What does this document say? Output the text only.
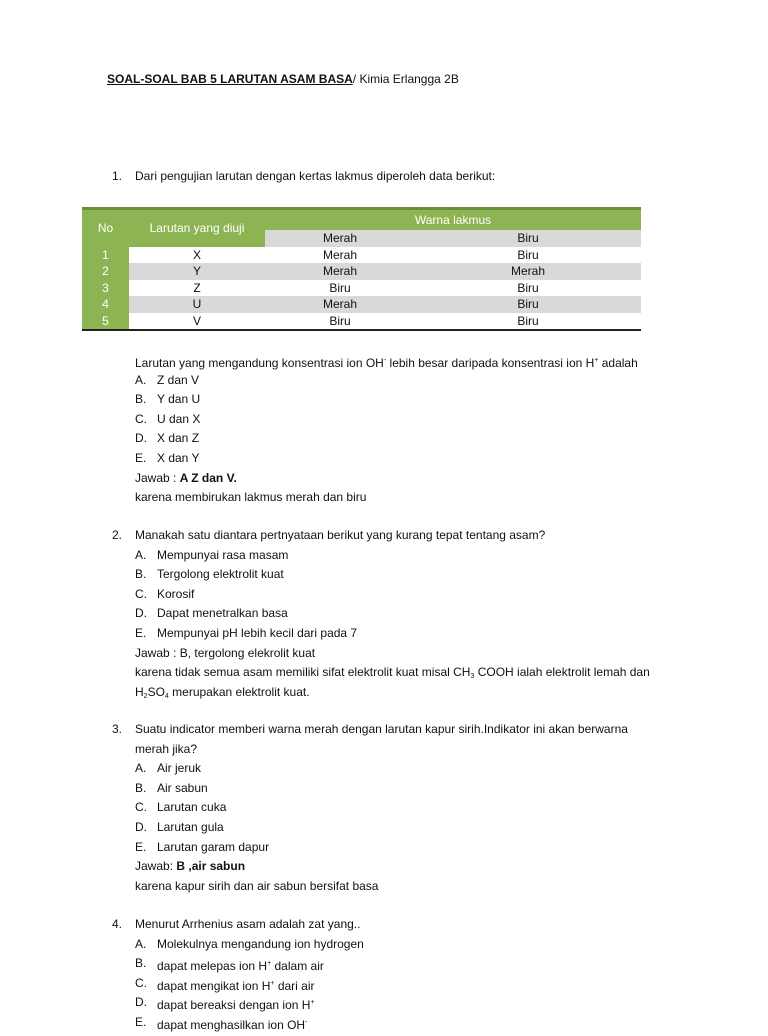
SOAL-SOAL BAB 5 LARUTAN ASAM BASA/ Kimia Erlangga 2B
1. Dari pengujian larutan dengan kertas lakmus diperoleh data berikut:
No	Larutan yang diuji	Warna lakmus	
		Merah	Biru
1	X	Merah	Biru
2	Y	Merah	Merah
3	Z	Biru	Biru
4	U	Merah	Biru
5	V	Biru	Biru
Larutan yang mengandung konsentrasi ion OH- lebih besar daripada konsentrasi ion H+ adalah
A. Z dan V
B. Y dan U
C. U dan X
D. X dan Z
E. X dan Y
Jawab : A Z dan V.
karena membirukan lakmus merah dan biru
2. Manakah satu diantara pertnyataan berikut yang kurang tepat tentang asam?
A. Mempunyai rasa masam
B. Tergolong elektrolit kuat
C. Korosif
D. Dapat menetralkan basa
E. Mempunyai pH lebih kecil dari pada 7
Jawab : B, tergolong elekrolit kuat
karena tidak semua asam memiliki sifat elektrolit kuat misal $CH_3$ COOH ialah elektrolit lemah dan
$H_2SO_4$ merupakan elektrolit kuat.
3. Suatu indicator memberi warna merah dengan larutan kapur sirih.Indikator ini akan berwarna
merah jika?
A. Air jeruk
B. Air sabun
C. Larutan cuka
D. Larutan gula
E. Larutan garam dapur
Jawab: B ,air sabun
karena kapur sirih dan air sabun bersifat basa
4. Menurut Arrhenius asam adalah zat yang..
A. Molekulnya mengandung ion hydrogen
B. dapat melepas ion H+ dalam air
C. dapat mengikat ion H+ dari air
D. dapat bereaksi dengan ion H+
E. dapat menghasilkan ion OH-
